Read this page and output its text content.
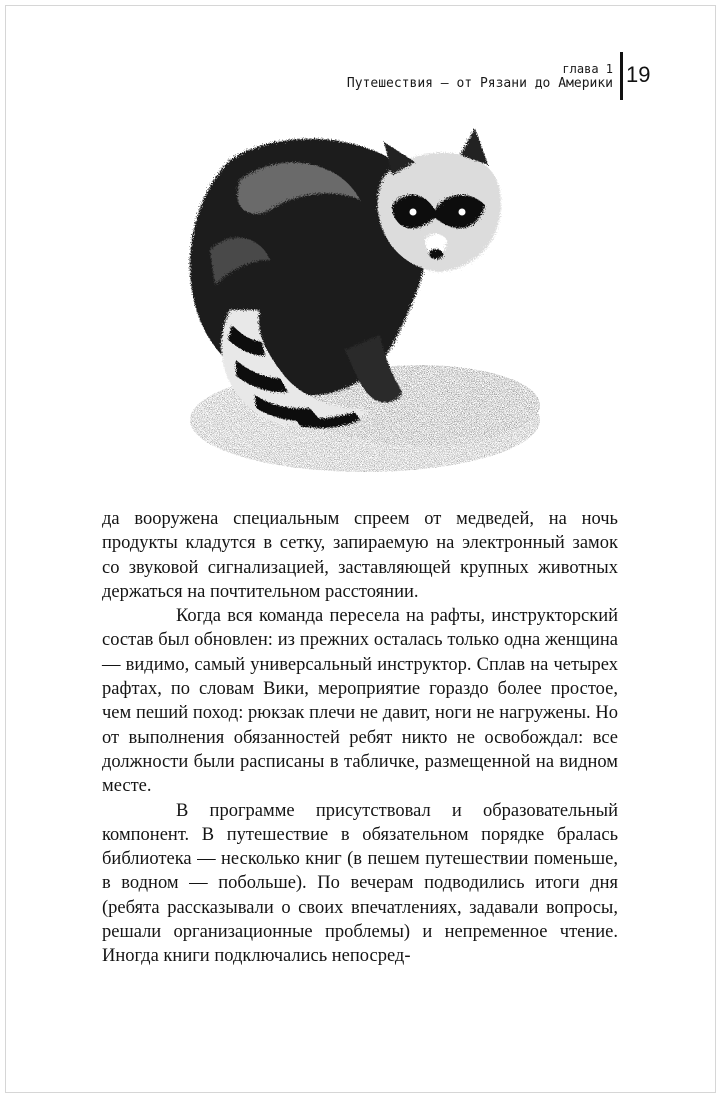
глава 1
Путешествия — от Рязани до Америки 19

да вооружена специальным спреем от медведей, на ночь продукты кладутся в сетку, запираемую на электронный замок со звуковой сигнализацией, заставляющей крупных животных держаться на почтительном расстоянии.

Когда вся команда пересела на рафты, инструкторский состав был обновлен: из прежних осталась только одна женщина — видимо, самый универсальный инструктор. Сплав на четырех рафтах, по словам Вики, мероприятие гораздо более простое, чем пеший поход: рюкзак плечи не давит, ноги не нагружены. Но от выполнения обязанностей ребят никто не освобождал: все должности были расписаны в табличке, размещенной на видном месте.

В программе присутствовал и образовательный компонент. В путешествие в обязательном порядке бралась библиотека — несколько книг (в пешем путешествии поменьше, в водном — побольше). По вечерам подводились итоги дня (ребята рассказывали о своих впечатлениях, задавали вопросы, решали организационные проблемы) и непременное чтение. Иногда книги подключались непосред-
